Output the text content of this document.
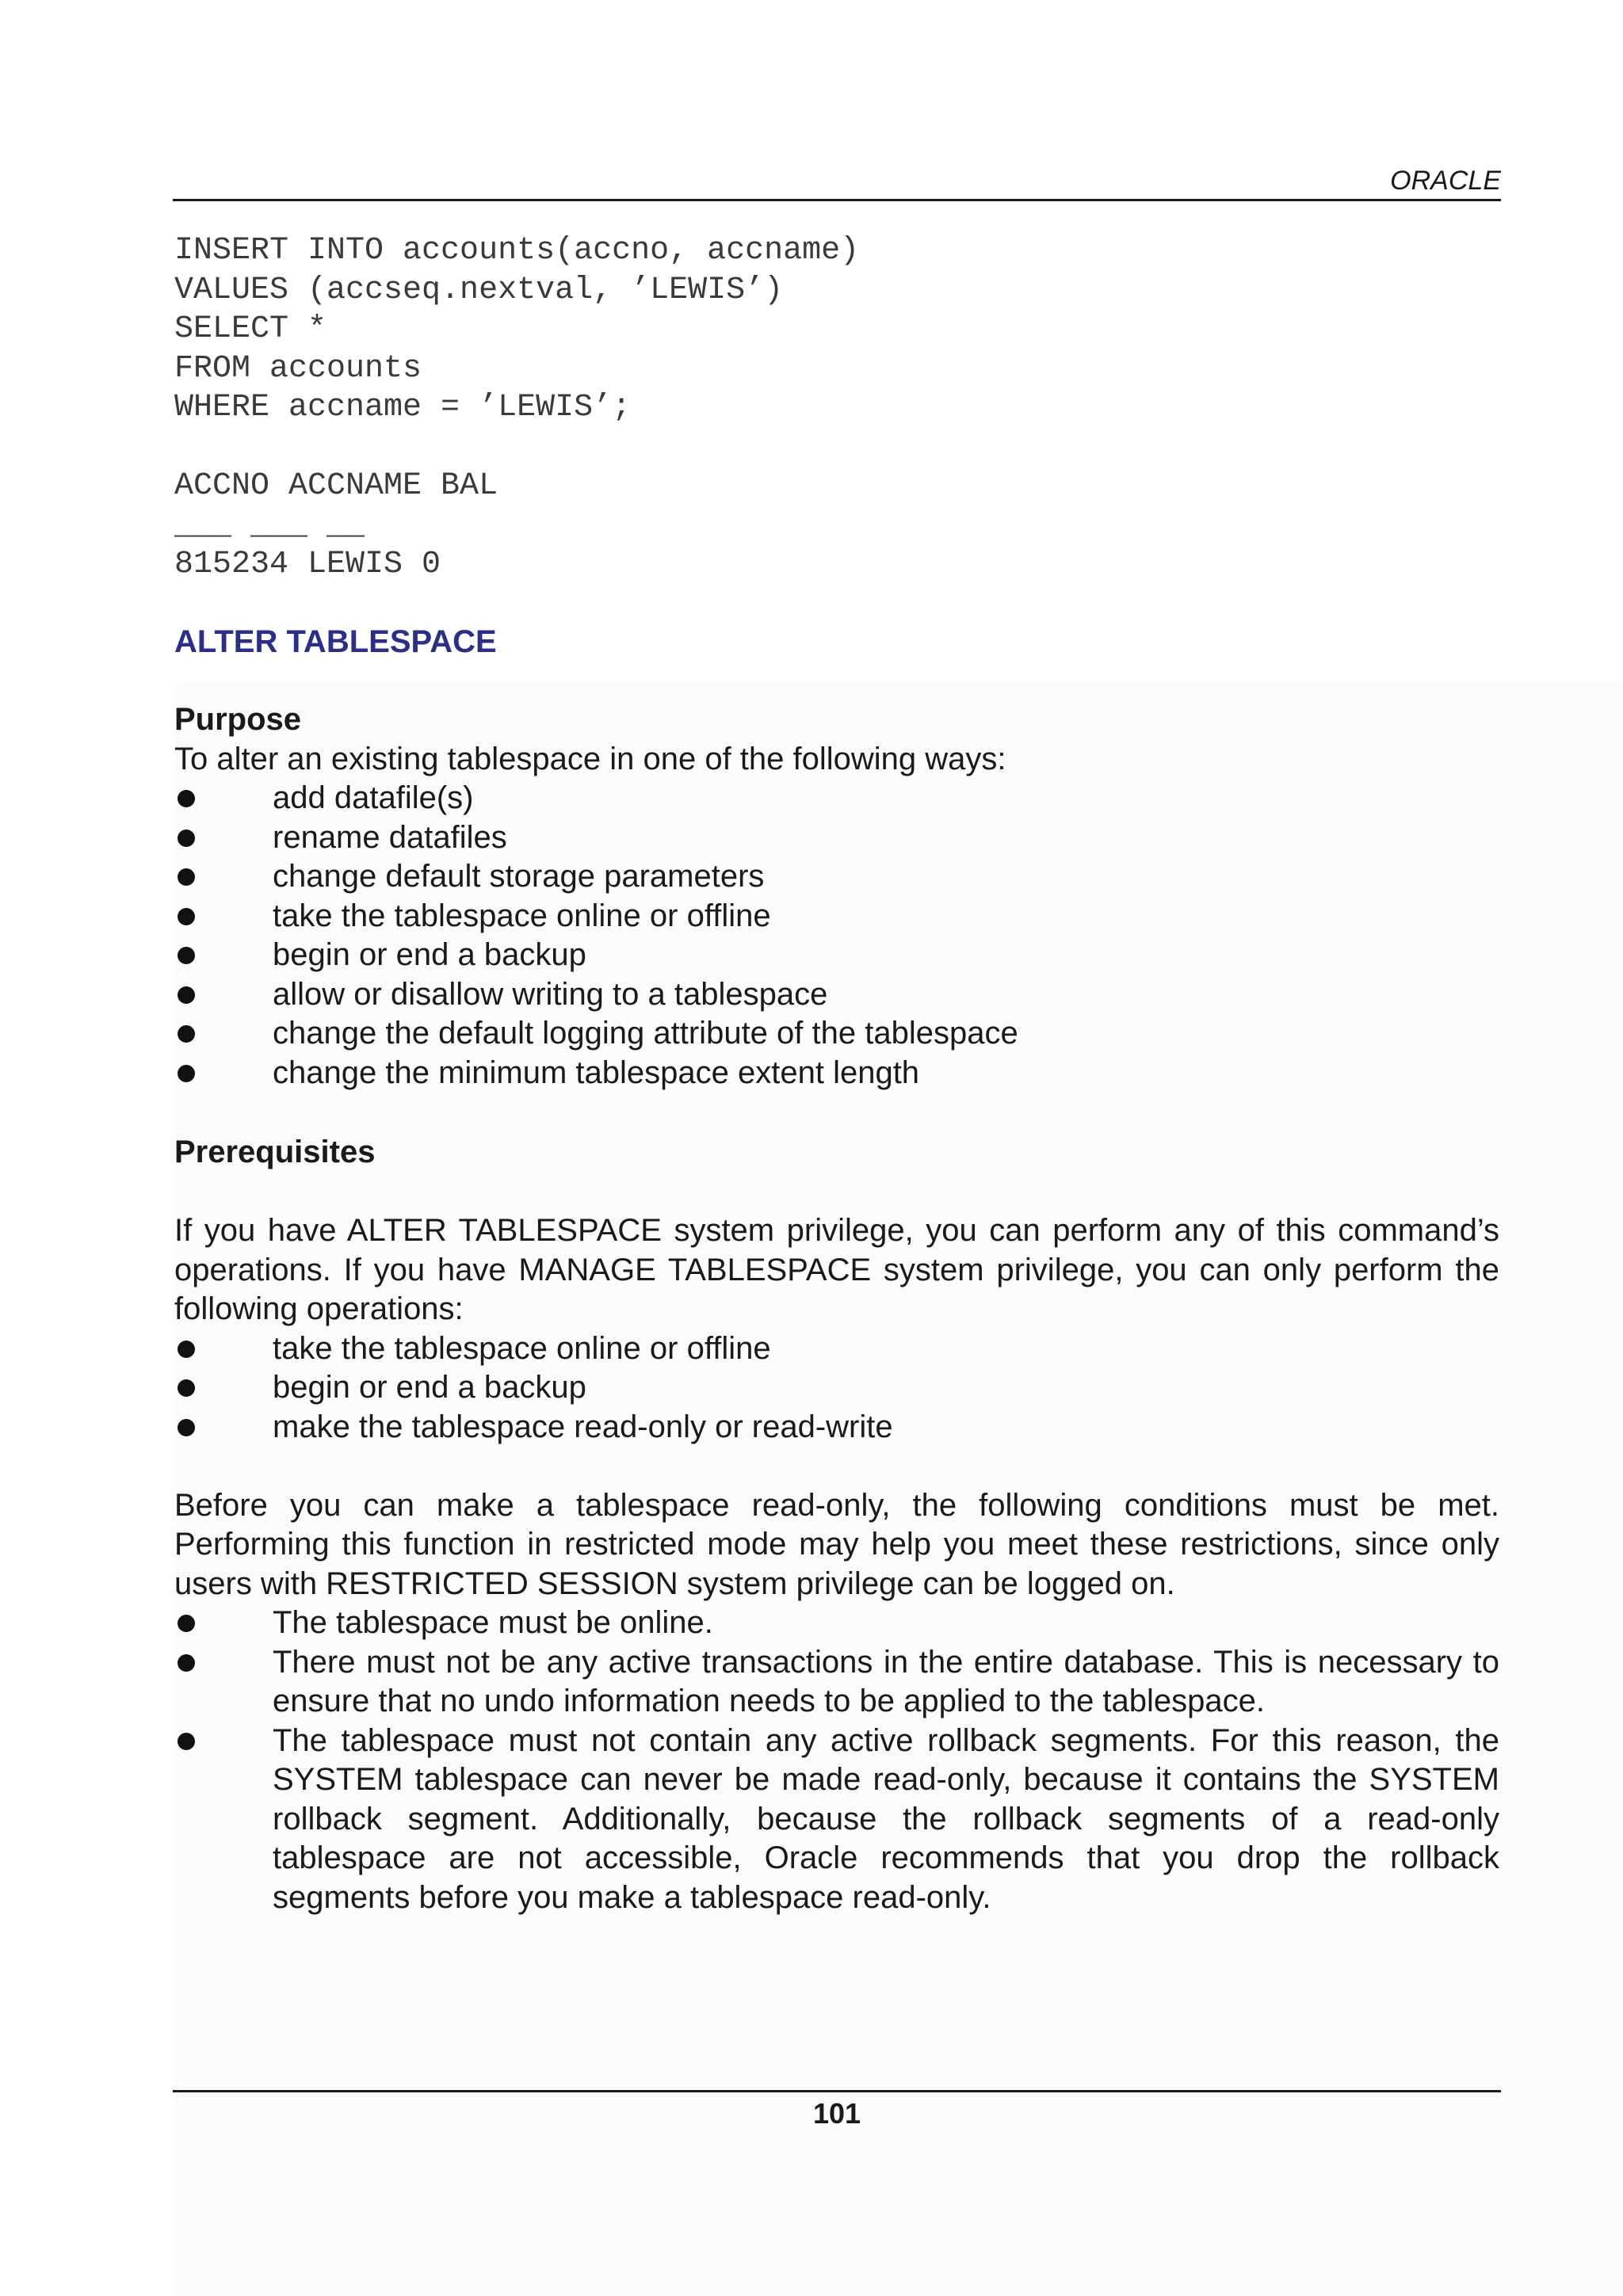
ORACLE
INSERT INTO accounts(accno, accname)
VALUES (accseq.nextval, ’LEWIS’)
SELECT *
FROM accounts
WHERE accname = ’LEWIS’;
ACCNO ACCNAME BAL
___ ___ __
815234 LEWIS 0
ALTER TABLESPACE
Purpose
To alter an existing tablespace in one of the following ways:
add datafile(s)
rename datafiles
change default storage parameters
take the tablespace online or offline
begin or end a backup
allow or disallow writing to a tablespace
change the default logging attribute of the tablespace
change the minimum tablespace extent length
Prerequisites
If you have ALTER TABLESPACE system privilege, you can perform any of this command’s operations. If you have MANAGE TABLESPACE system privilege, you can only perform the following operations:
take the tablespace online or offline
begin or end a backup
make the tablespace read-only or read-write
Before you can make a tablespace read-only, the following conditions must be met. Performing this function in restricted mode may help you meet these restrictions, since only users with RESTRICTED SESSION system privilege can be logged on.
The tablespace must be online.
There must not be any active transactions in the entire database. This is necessary to ensure that no undo information needs to be applied to the tablespace.
The tablespace must not contain any active rollback segments. For this reason, the SYSTEM tablespace can never be made read-only, because it contains the SYSTEM rollback segment. Additionally, because the rollback segments of a read-only tablespace are not accessible, Oracle recommends that you drop the rollback segments before you make a tablespace read-only.
101
